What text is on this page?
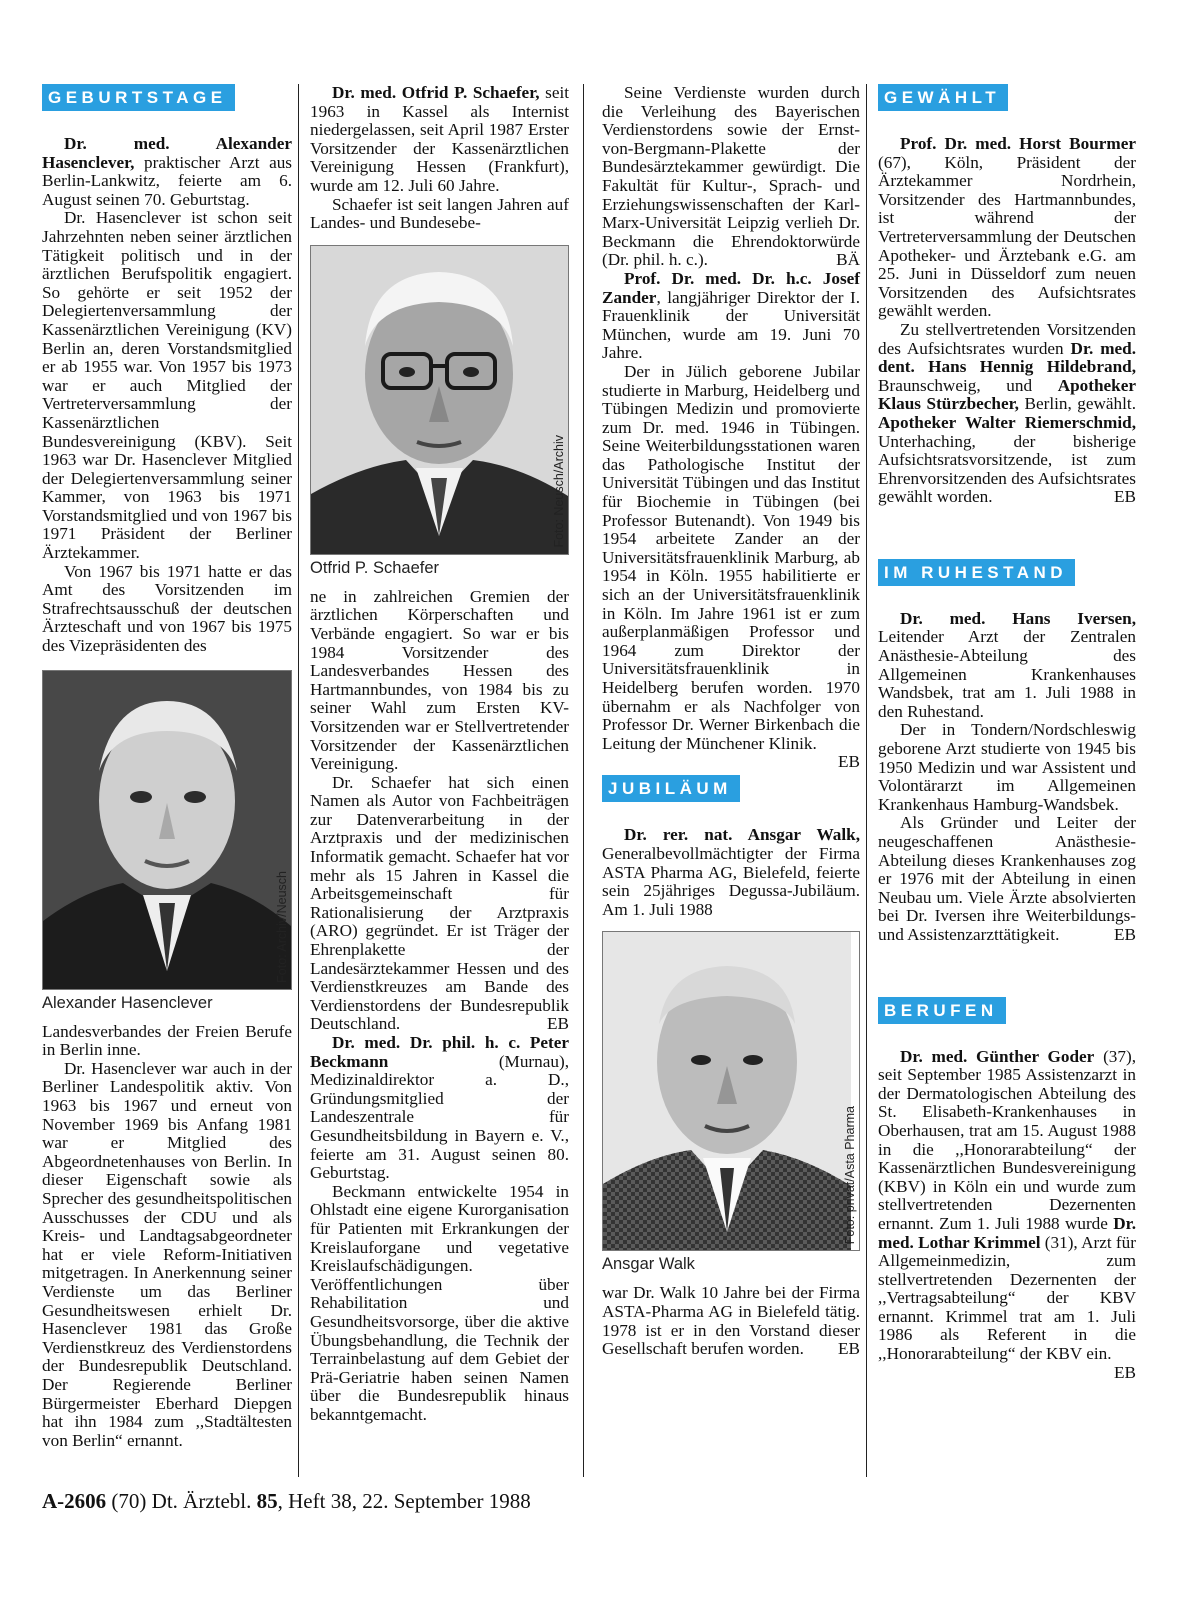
GEBURTSTAGE

Dr. med. Alexander Hasenclever, praktischer Arzt aus Berlin-Lankwitz, feierte am 6. August seinen 70. Geburtstag.

Dr. Hasenclever ist schon seit Jahrzehnten neben seiner ärztlichen Tätigkeit politisch und in der ärztlichen Berufspolitik engagiert. So gehörte er seit 1952 der Delegiertenversammlung der Kassenärztlichen Vereinigung (KV) Berlin an, deren Vorstandsmitglied er ab 1955 war. Von 1957 bis 1973 war er auch Mitglied der Vertreterversammlung der Kassenärztlichen Bundesvereinigung (KBV). Seit 1963 war Dr. Hasenclever Mitglied der Delegiertenversammlung seiner Kammer, von 1963 bis 1971 Vorstandsmitglied und von 1967 bis 1971 Präsident der Berliner Ärztekammer.

Von 1967 bis 1971 hatte er das Amt des Vorsitzenden im Strafrechtsausschuß der deutschen Ärzteschaft und von 1967 bis 1975 des Vizepräsidenten des

Foto: Archiv/Neusch
Alexander Hasenclever

Landesverbandes der Freien Berufe in Berlin inne.

Dr. Hasenclever war auch in der Berliner Landespolitik aktiv. Von 1963 bis 1967 und erneut von November 1969 bis Anfang 1981 war er Mitglied des Abgeordnetenhauses von Berlin. In dieser Eigenschaft sowie als Sprecher des gesundheitspolitischen Ausschusses der CDU und als Kreis- und Landtagsabgeordneter hat er viele Reform-Initiativen mitgetragen. In Anerkennung seiner Verdienste um das Berliner Gesundheitswesen erhielt Dr. Hasenclever 1981 das Große Verdienstkreuz des Verdienstordens der Bundesrepublik Deutschland. Der Regierende Berliner Bürgermeister Eberhard Diepgen hat ihn 1984 zum ,,Stadtältesten von Berlin“ ernannt.

Dr. med. Otfrid P. Schaefer, seit 1963 in Kassel als Internist niedergelassen, seit April 1987 Erster Vorsitzender der Kassenärztlichen Vereinigung Hessen (Frankfurt), wurde am 12. Juli 60 Jahre.

Schaefer ist seit langen Jahren auf Landes- und Bundesebe-

Foto: Neusch/Archiv
Otfrid P. Schaefer

ne in zahlreichen Gremien der ärztlichen Körperschaften und Verbände engagiert. So war er bis 1984 Vorsitzender des Landesverbandes Hessen des Hartmannbundes, von 1984 bis zu seiner Wahl zum Ersten KV-Vorsitzenden war er Stellvertretender Vorsitzender der Kassenärztlichen Vereinigung.

Dr. Schaefer hat sich einen Namen als Autor von Fachbeiträgen zur Datenverarbeitung in der Arztpraxis und der medizinischen Informatik gemacht. Schaefer hat vor mehr als 15 Jahren in Kassel die Arbeitsgemeinschaft für Rationalisierung der Arztpraxis (ARO) gegründet. Er ist Träger der Ehrenplakette der Landesärztekammer Hessen und des Verdienstkreuzes am Bande des Verdienstordens der Bundesrepublik Deutschland.	EB

Dr. med. Dr. phil. h. c. Peter Beckmann (Murnau), Medizinaldirektor a. D., Gründungsmitglied der Landeszentrale für Gesundheitsbildung in Bayern e. V., feierte am 31. August seinen 80. Geburtstag.

Beckmann entwickelte 1954 in Ohlstadt eine eigene Kurorganisation für Patienten mit Erkrankungen der Kreislauforgane und vegetative Kreislaufschädigungen. Veröffentlichungen über Rehabilitation und Gesundheitsvorsorge, über die aktive Übungsbehandlung, die Technik der Terrainbelastung auf dem Gebiet der Prä-Geriatrie haben seinen Namen über die Bundesrepublik hinaus bekanntgemacht.

Seine Verdienste wurden durch die Verleihung des Bayerischen Verdienstordens sowie der Ernst-von-Bergmann-Plakette der Bundesärztekammer gewürdigt. Die Fakultät für Kultur-, Sprach- und Erziehungswissenschaften der Karl-Marx-Universität Leipzig verlieh Dr. Beckmann die Ehrendoktorwürde (Dr. phil. h. c.).	BÄ

Prof. Dr. med. Dr. h.c. Josef Zander, langjähriger Direktor der I. Frauenklinik der Universität München, wurde am 19. Juni 70 Jahre.

Der in Jülich geborene Jubilar studierte in Marburg, Heidelberg und Tübingen Medizin und promovierte zum Dr. med. 1946 in Tübingen. Seine Weiterbildungsstationen waren das Pathologische Institut der Universität Tübingen und das Institut für Biochemie in Tübingen (bei Professor Butenandt). Von 1949 bis 1954 arbeitete Zander an der Universitätsfrauenklinik Marburg, ab 1954 in Köln. 1955 habilitierte er sich an der Universitätsfrauenklinik in Köln. Im Jahre 1961 ist er zum außerplanmäßigen Professor und 1964 zum Direktor der Universitätsfrauenklinik in Heidelberg berufen worden. 1970 übernahm er als Nachfolger von Professor Dr. Werner Birkenbach die Leitung der Münchener Klinik.
EB

JUBILÄUM

Dr. rer. nat. Ansgar Walk, Generalbevollmächtigter der Firma ASTA Pharma AG, Bielefeld, feierte sein 25jähriges Degussa-Jubiläum. Am 1. Juli 1988

Foto: privat/Asta Pharma
Ansgar Walk

war Dr. Walk 10 Jahre bei der Firma ASTA-Pharma AG in Bielefeld tätig. 1978 ist er in den Vorstand dieser Gesellschaft berufen worden. EB

GEWÄHLT

Prof. Dr. med. Horst Bourmer (67), Köln, Präsident der Ärztekammer Nordrhein, Vorsitzender des Hartmannbundes, ist während der Vertreterversammlung der Deutschen Apotheker- und Ärztebank e.G. am 25. Juni in Düsseldorf zum neuen Vorsitzenden des Aufsichtsrates gewählt werden.

Zu stellvertretenden Vorsitzenden des Aufsichtsrates wurden Dr. med. dent. Hans Hennig Hildebrand, Braunschweig, und Apotheker Klaus Stürzbecher, Berlin, gewählt. Apotheker Walter Riemerschmid, Unterhaching, der bisherige Aufsichtsratsvorsitzende, ist zum Ehrenvorsitzenden des Aufsichtsrates gewählt worden.	EB

IM RUHESTAND

Dr. med. Hans Iversen, Leitender Arzt der Zentralen Anästhesie-Abteilung des Allgemeinen Krankenhauses Wandsbek, trat am 1. Juli 1988 in den Ruhestand.

Der in Tondern/Nordschleswig geborene Arzt studierte von 1945 bis 1950 Medizin und war Assistent und Volontärarzt im Allgemeinen Krankenhaus Hamburg-Wandsbek.

Als Gründer und Leiter der neugeschaffenen Anästhesie-Abteilung dieses Krankenhauses zog er 1976 mit der Abteilung in einen Neubau um. Viele Ärzte absolvierten bei Dr. Iversen ihre Weiterbildungs- und Assistenzarzttätigkeit.	EB

BERUFEN

Dr. med. Günther Goder (37), seit September 1985 Assistenzarzt in der Dermatologischen Abteilung des St. Elisabeth-Krankenhauses in Oberhausen, trat am 15. August 1988 in die ,,Honorarabteilung“ der Kassenärztlichen Bundesvereinigung (KBV) in Köln ein und wurde zum stellvertretenden Dezernenten ernannt. Zum 1. Juli 1988 wurde Dr. med. Lothar Krimmel (31), Arzt für Allgemeinmedizin, zum stellvertretenden Dezernenten der ,,Vertragsabteilung“ der KBV ernannt. Krimmel trat am 1. Juli 1986 als Referent in die ,,Honorarabteilung“ der KBV ein.
EB

A-2606 (70) Dt. Ärztebl. 85, Heft 38, 22. September 1988
